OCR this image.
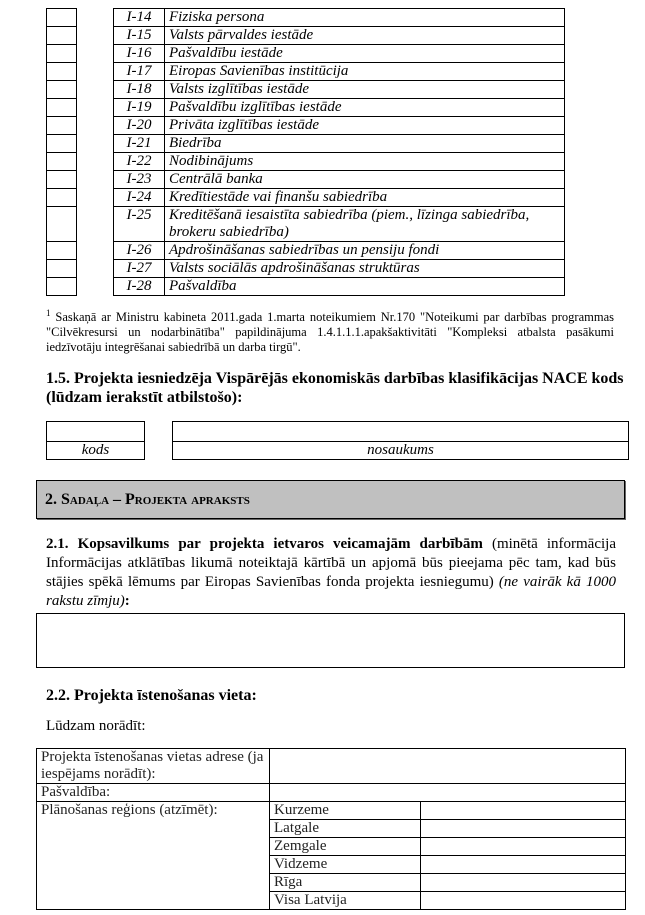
I-14	Fiziska persona
I-15	Valsts pārvaldes iestāde
I-16	Pašvaldību iestāde
I-17	Eiropas Savienības institūcija
I-18	Valsts izglītības iestāde
I-19	Pašvaldību izglītības iestāde
I-20	Privāta izglītības iestāde
I-21	Biedrība
I-22	Nodibinājums
I-23	Centrālā banka
I-24	Kredītiestāde vai finanšu sabiedrība
I-25	Kreditēšanā iesaistīta sabiedrība (piem., līzinga sabiedrība, brokeru sabiedrība)
I-26	Apdrošināšanas sabiedrības un pensiju fondi
I-27	Valsts sociālās apdrošināšanas struktūras
I-28	Pašvaldība
$^1$ Saskaņā ar Ministru kabineta 2011.gada 1.marta noteikumiem Nr.170 "Noteikumi par darbības programmas "Cilvēkresursi un nodarbinātība" papildinājuma 1.4.1.1.1.apakšaktivitāti "Kompleksi atbalsta pasākumi iedzīvotāju integrēšanai sabiedrībā un darba tirgū".
1.5. Projekta iesniedzēja Vispārējās ekonomiskās darbības klasifikācijas NACE kods (lūdzam ierakstīt atbilstošo):
kods	nosaukums
2. Sadaļa – Projekta apraksts
2.1. Kopsavilkums par projekta ietvaros veicamajām darbībām (minētā informācija Informācijas atklātības likumā noteiktajā kārtībā un apjomā būs pieejama pēc tam, kad būs stājies spēkā lēmums par Eiropas Savienības fonda projekta iesniegumu) (ne vairāk kā 1000 rakstu zīmju):
2.2. Projekta īstenošanas vieta:
Lūdzam norādīt:
Projekta īstenošanas vietas adrese (ja iespējams norādīt):		
Pašvaldība:		
Plānošanas reģions (atzīmēt):	Kurzeme	
	Latgale	
	Zemgale	
	Vidzeme	
	Rīga	
	Visa Latvija	
